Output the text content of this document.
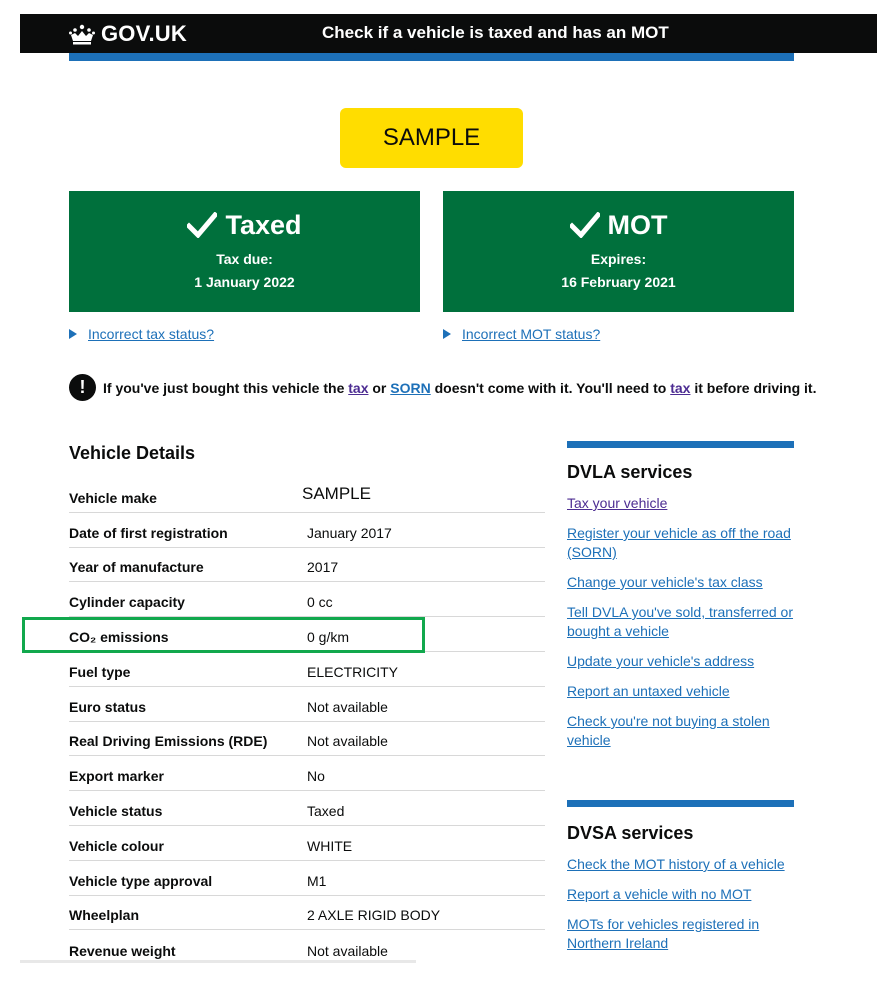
GOV.UK	Check if a vehicle is taxed and has an MOT
SAMPLE
Taxed
Tax due:
1 January 2022
MOT
Expires:
16 February 2021
Incorrect tax status?	Incorrect MOT status?
!	If you've just bought this vehicle the tax or SORN doesn't come with it. You'll need to tax it before driving it.
Vehicle Details
Vehicle make	SAMPLE
Date of first registration	January 2017
Year of manufacture	2017
Cylinder capacity	0 cc
CO₂ emissions	0 g/km
Fuel type	ELECTRICITY
Euro status	Not available
Real Driving Emissions (RDE)	Not available
Export marker	No
Vehicle status	Taxed
Vehicle colour	WHITE
Vehicle type approval	M1
Wheelplan	2 AXLE RIGID BODY
Revenue weight	Not available
DVLA services
Tax your vehicle
Register your vehicle as off the road (SORN)
Change your vehicle's tax class
Tell DVLA you've sold, transferred or bought a vehicle
Update your vehicle's address
Report an untaxed vehicle
Check you're not buying a stolen vehicle
DVSA services
Check the MOT history of a vehicle
Report a vehicle with no MOT
MOTs for vehicles registered in Northern Ireland
